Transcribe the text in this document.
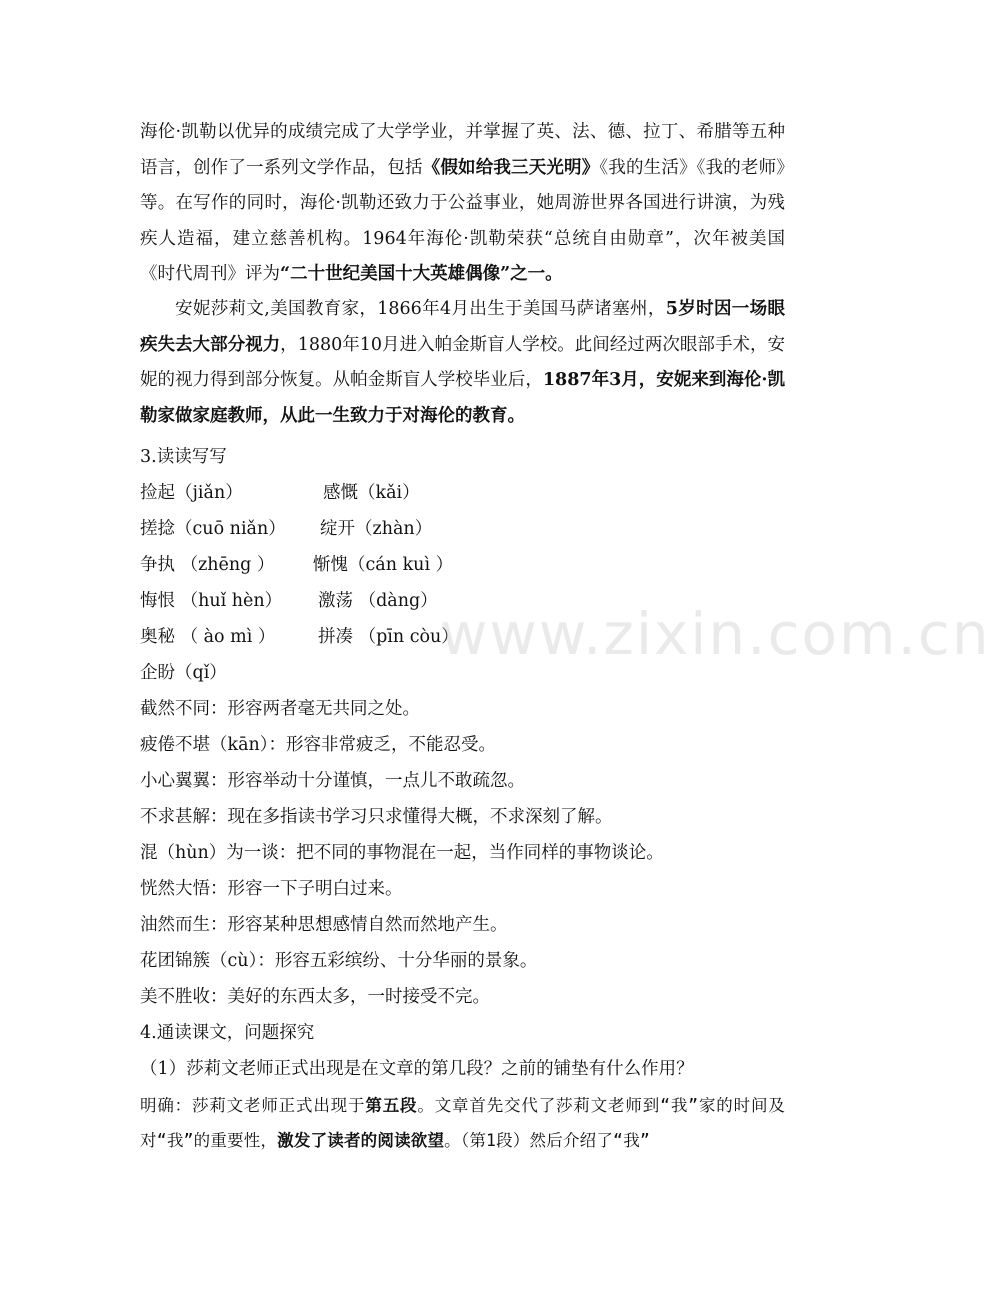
海伦·凯勒以优异的成绩完成了大学学业，并掌握了英、法、德、拉丁、希腊等五种语言，创作了一系列文学作品，包括《假如给我三天光明》《我的生活》《我的老师》等。在写作的同时，海伦·凯勒还致力于公益事业，她周游世界各国进行讲演，为残疾人造福，建立慈善机构。1964年海伦·凯勒荣获“总统自由勋章”，次年被美国《时代周刊》评为“二十世纪美国十大英雄偶像”之一。

安妮莎莉文,美国教育家，1866年4月出生于美国马萨诸塞州，5岁时因一场眼疾失去大部分视力，1880年10月进入帕金斯盲人学校。此间经过两次眼部手术，安妮的视力得到部分恢复。从帕金斯盲人学校毕业后，1887年3月，安妮来到海伦·凯勒家做家庭教师，从此一生致力于对海伦的教育。

3.读读写写
捡起（jiǎn）	感慨（kǎi）
搓捻（cuō niǎn） 绽开（zhàn）
争执 （zhēng ） 惭愧（cán kuì ）
悔恨 （huǐ hèn） 激荡 （dàng）
奥秘 （ ào mì ） 拼凑 （pīn còu）
企盼（qǐ）
截然不同：形容两者毫无共同之处。
疲倦不堪（kān）：形容非常疲乏，不能忍受。
小心翼翼：形容举动十分谨慎，一点儿不敢疏忽。
不求甚解：现在多指读书学习只求懂得大概，不求深刻了解。
混（hùn）为一谈：把不同的事物混在一起，当作同样的事物谈论。
恍然大悟：形容一下子明白过来。
油然而生：形容某种思想感情自然而然地产生。
花团锦簇（cù）：形容五彩缤纷、十分华丽的景象。
美不胜收：美好的东西太多，一时接受不完。
4.通读课文，问题探究
（1）莎莉文老师正式出现是在文章的第几段？之前的铺垫有什么作用？

明确：莎莉文老师正式出现于第五段。文章首先交代了莎莉文老师到“我”家的时间及对“我”的重要性，激发了读者的阅读欲望。（第1段）然后介绍了“我”

www.zixin.com.cn
